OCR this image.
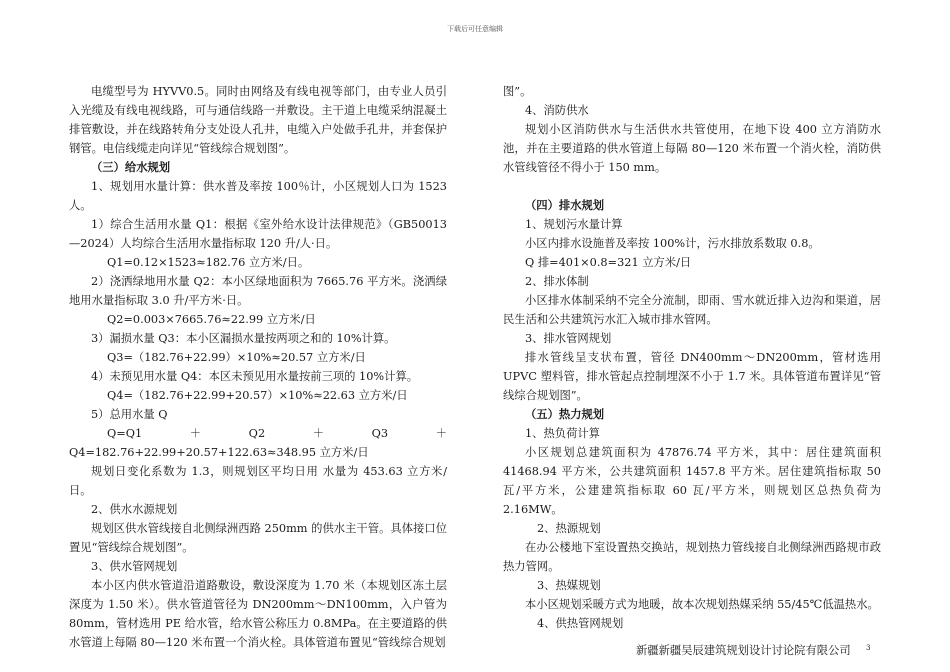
下载后可任意编辑

电缆型号为 HYVV0.5。同时由网络及有线电视等部门，由专业人员引入光缆及有线电视线路，可与通信线路一并敷设。主干道上电缆采纳混凝土排管敷设，并在线路转角分支处设人孔井，电缆入户处做手孔井，并套保护钢管。电信线缆走向详见“管线综合规划图”。

（三）给水规划

1、规划用水量计算：供水普及率按 100％计，小区规划人口为 1523 人。

1）综合生活用水量 Q1：根据《室外给水设计法律规范》（GB50013—2024）人均综合生活用水量指标取 120 升/人·日。

Q1=0.12×1523≈182.76 立方米/日。

2）浇洒绿地用水量 Q2：本小区绿地面积为 7665.76 平方米。浇洒绿地用水量指标取 3.0 升/平方米·日。

Q2=0.003×7665.76≈22.99 立方米/日

3）漏损水量 Q3：本小区漏损水量按两项之和的 10%计算。

Q3=（182.76+22.99）×10%≈20.57 立方米/日

4）未预见用水量 Q4：本区未预见用水量按前三项的 10%计算。

Q4=（182.76+22.99+20.57）×10%≈22.63 立方米/日

5）总用水量 Q

Q=Q1＋Q2＋Q3＋Q4=182.76+22.99+20.57+122.63≈348.95 立方米/日

规划日变化系数为 1.3，则规划区平均日用 水量为 453.63 立方米/日。

2、供水水源规划

规划区供水管线接自北侧绿洲西路 250mm 的供水主干管。具体接口位置见“管线综合规划图”。

3、供水管网规划

本小区内供水管道沿道路敷设，敷设深度为 1.70 米（本规划区冻土层深度为 1.50 米）。供水管道管径为 DN200mm～DN100mm，入户管为 80mm，管材选用 PE 给水管，给水管公称压力 0.8MPa。在主要道路的供水管道上每隔 80—120 米布置一个消火栓。具体管道布置见“管线综合规划

图”。

4、消防供水

规划小区消防供水与生活供水共管使用，在地下设 400 立方消防水池，并在主要道路的供水管道上每隔 80—120 米布置一个消火栓，消防供水管线管径不得小于 150 mm。

（四）排水规划

1、规划污水量计算

小区内排水设施普及率按 100%计，污水排放系数取 0.8。

Q 排=401×0.8=321 立方米/日

2、排水体制

小区排水体制采纳不完全分流制，即雨、雪水就近排入边沟和渠道，居民生活和公共建筑污水汇入城市排水管网。

3、排水管网规划

排水管线呈支状布置，管径 DN400mm～DN200mm，管材选用 UPVC 塑料管，排水管起点控制埋深不小于 1.7 米。具体管道布置详见“管线综合规划图”。

（五）热力规划

1、热负荷计算

小区规划总建筑面积为 47876.74 平方米，其中：居住建筑面积 41468.94 平方米，公共建筑面积 1457.8 平方米。居住建筑指标取 50 瓦/平方米，公建建筑指标取 60 瓦/平方米，则规划区总热负荷为 2.16MW。

2、热源规划

在办公楼地下室设置热交换站，规划热力管线接自北侧绿洲西路规市政热力管网。

3、热媒规划

本小区规划采暖方式为地暖，故本次规划热媒采纳 55/45℃低温热水。

4、供热管网规划

新疆新疆吴辰建筑规划设计讨论院有限公司 3
